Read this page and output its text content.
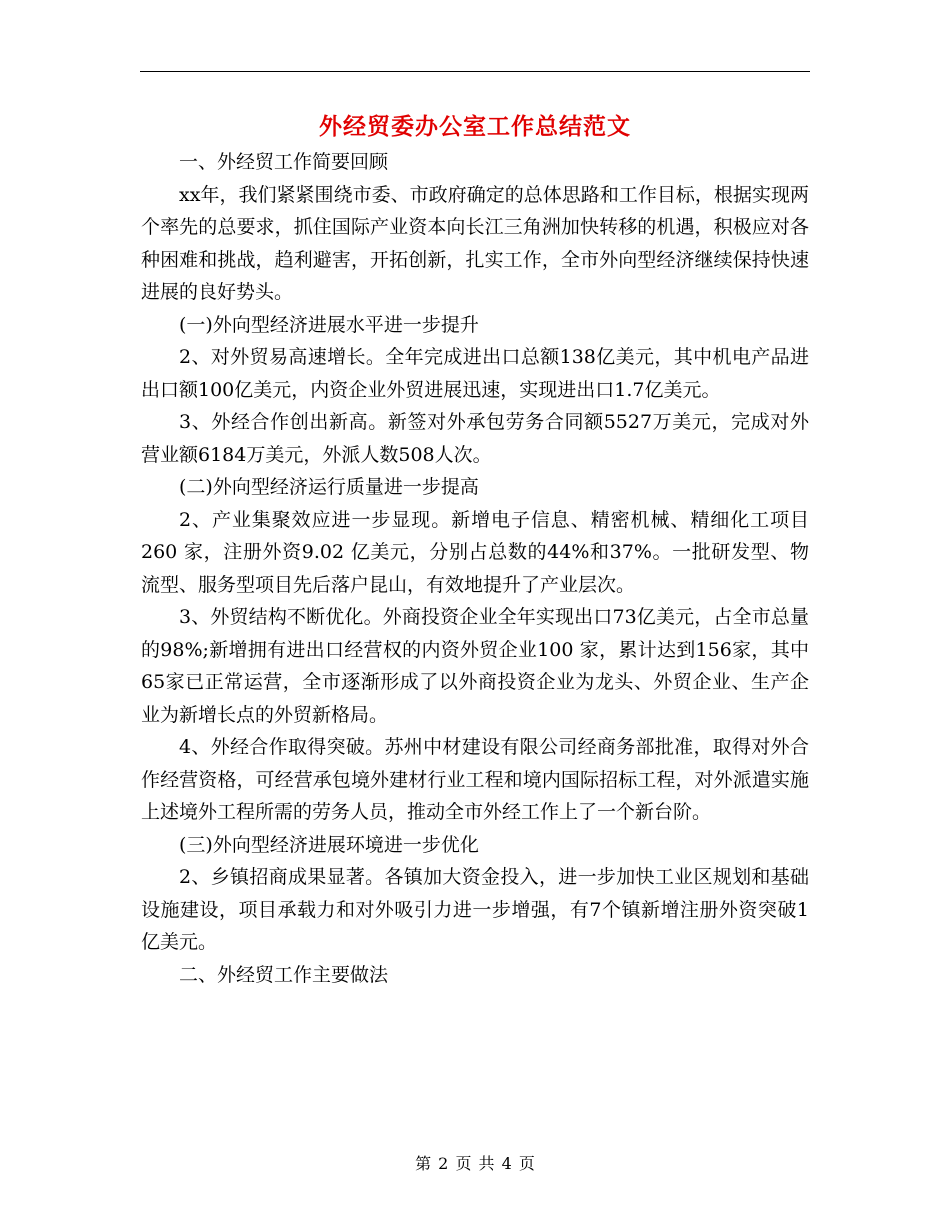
外经贸委办公室工作总结范文

一、外经贸工作简要回顾

xx年，我们紧紧围绕市委、市政府确定的总体思路和工作目标，根据实现两个率先的总要求，抓住国际产业资本向长江三角洲加快转移的机遇，积极应对各种困难和挑战，趋利避害，开拓创新，扎实工作，全市外向型经济继续保持快速进展的良好势头。

(一)外向型经济进展水平进一步提升

2、对外贸易高速增长。全年完成进出口总额138亿美元，其中机电产品进出口额100亿美元，内资企业外贸进展迅速，实现进出口1.7亿美元。

3、外经合作创出新高。新签对外承包劳务合同额5527万美元，完成对外营业额6184万美元，外派人数508人次。

(二)外向型经济运行质量进一步提高

2、产业集聚效应进一步显现。新增电子信息、精密机械、精细化工项目 260 家，注册外资9.02 亿美元，分别占总数的44%和37%。一批研发型、物流型、服务型项目先后落户昆山，有效地提升了产业层次。

3、外贸结构不断优化。外商投资企业全年实现出口73亿美元，占全市总量的98%;新增拥有进出口经营权的内资外贸企业100 家，累计达到156家，其中65家已正常运营，全市逐渐形成了以外商投资企业为龙头、外贸企业、生产企业为新增长点的外贸新格局。

4、外经合作取得突破。苏州中材建设有限公司经商务部批准，取得对外合作经营资格，可经营承包境外建材行业工程和境内国际招标工程，对外派遣实施上述境外工程所需的劳务人员，推动全市外经工作上了一个新台阶。

(三)外向型经济进展环境进一步优化

2、乡镇招商成果显著。各镇加大资金投入，进一步加快工业区规划和基础设施建设，项目承载力和对外吸引力进一步增强，有7个镇新增注册外资突破1亿美元。

二、外经贸工作主要做法

第 2 页 共 4 页
